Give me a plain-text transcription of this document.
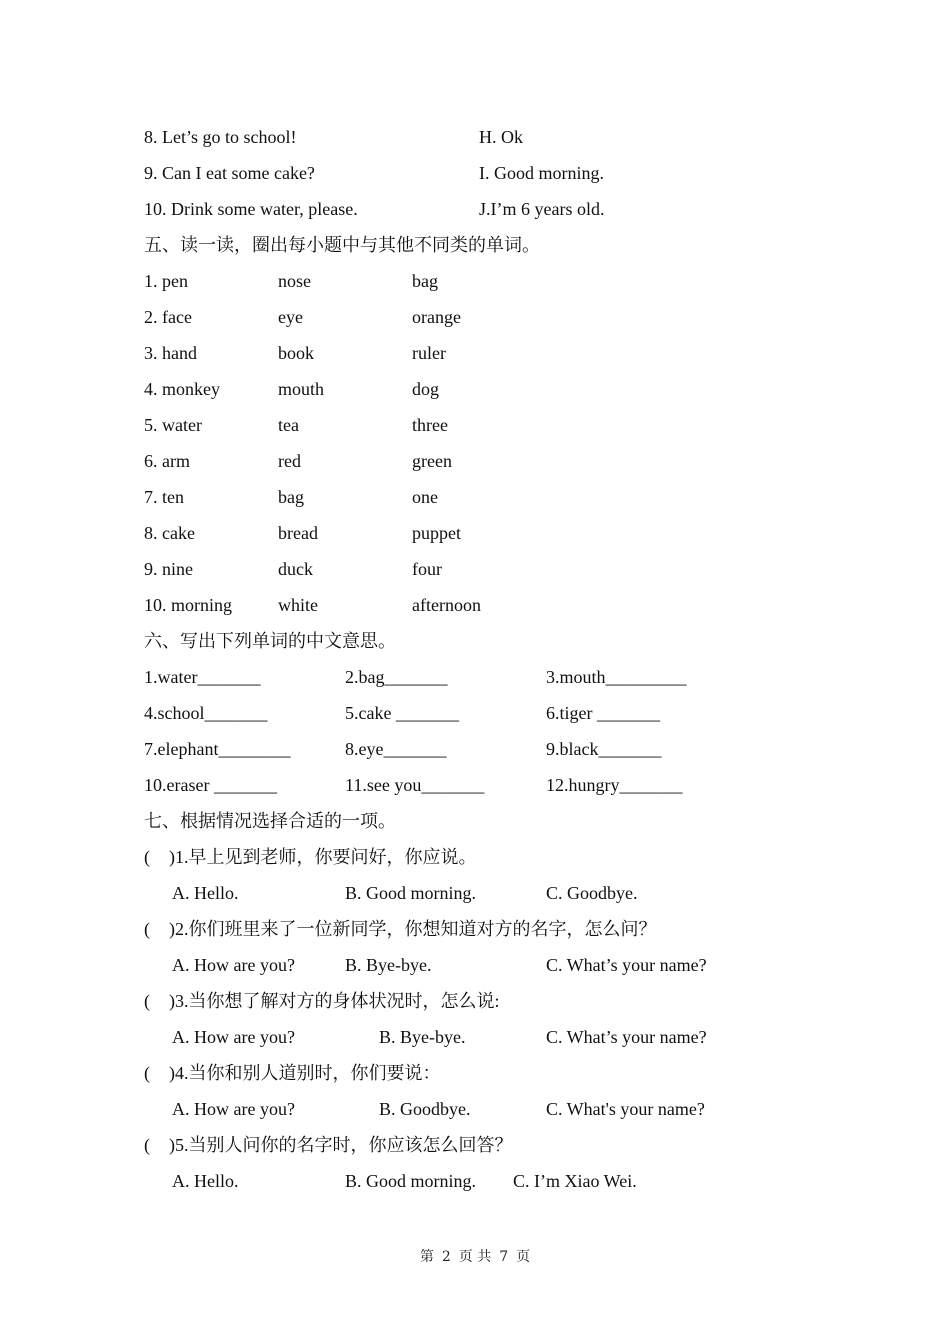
8. Let’s go to school!	H. Ok
9. Can I eat some cake?	I. Good morning.
10. Drink some water, please.	J.I’m 6 years old.
五、读一读，圈出每小题中与其他不同类的单词。
1. pen	nose	bag
2. face	eye	orange
3. hand	book	ruler
4. monkey	mouth	dog
5. water	tea	three
6. arm	red	green
7. ten	bag	one
8. cake	bread	puppet
9. nine	duck	four
10. morning	white	afternoon
六、写出下列单词的中文意思。
1.water_______	2.bag_______	3.mouth_________
4.school_______	5.cake _______	6.tiger _______
7.elephant________	8.eye_______	9.black_______
10.eraser _______	11.see you_______	12.hungry_______
七、根据情况选择合适的一项。
( )1.早上见到老师，你要问好，你应说。
A. Hello.	B. Good morning.	C. Goodbye.
( )2.你们班里来了一位新同学，你想知道对方的名字，怎么问？
A. How are you?	B. Bye-bye.	C. What’s your name?
( )3.当你想了解对方的身体状况时，怎么说:
A. How are you?	B. Bye-bye.	C. What’s your name?
( )4.当你和别人道别时，你们要说：
A. How are you?	B. Goodbye.	C. What's your name?
( )5.当别人问你的名字时，你应该怎么回答？
A. Hello.	B. Good morning. C. I’m Xiao Wei.
第 2 页 共 7 页
